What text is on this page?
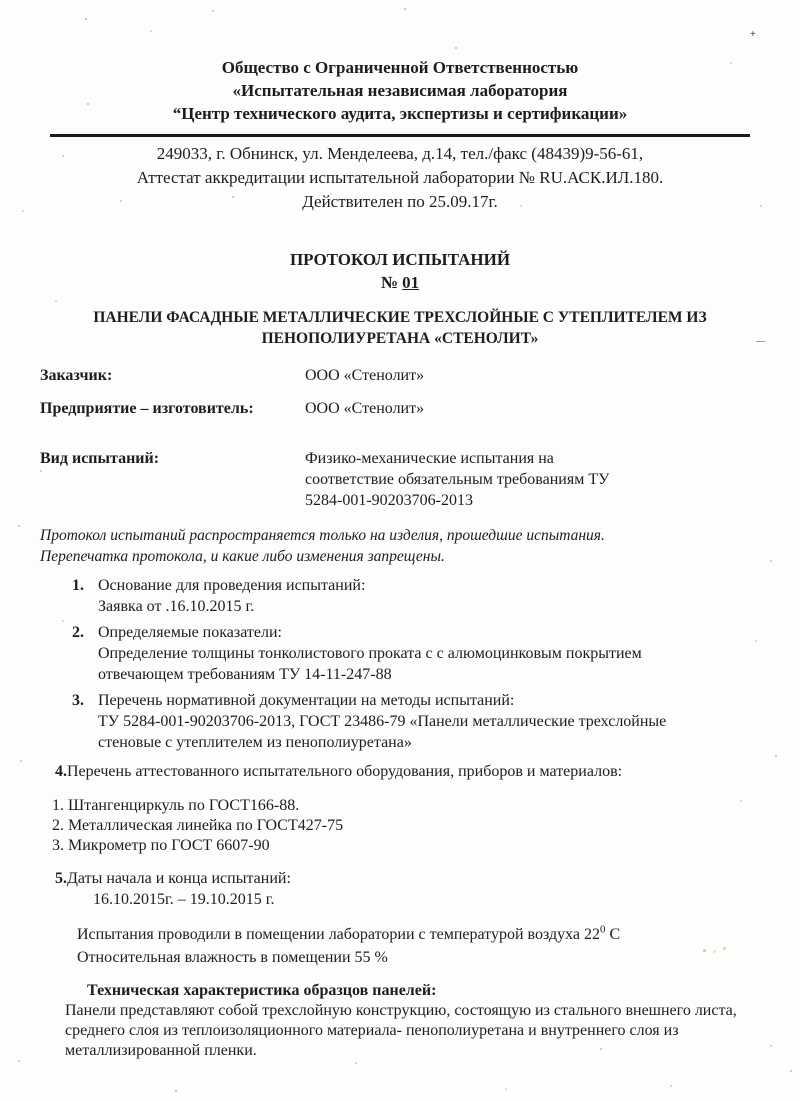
+
—
Общество с Ограниченной Ответственностью
«Испытательная независимая лаборатория
“Центр технического аудита, экспертизы и сертификации»
249033, г. Обнинск, ул. Менделеева, д.14, тел./факс (48439)9-56-61,
Аттестат аккредитации испытательной лаборатории № RU.АСК.ИЛ.180.
Действителен по 25.09.17г.
ПРОТОКОЛ ИСПЫТАНИЙ
№ 01
ПАНЕЛИ ФАСАДНЫЕ МЕТАЛЛИЧЕСКИЕ ТРЕХСЛОЙНЫЕ С УТЕПЛИТЕЛЕМ ИЗ
ПЕНОПОЛИУРЕТАНА «СТЕНОЛИТ»
Заказчик:	ООО «Стенолит»
Предприятие – изготовитель:	ООО «Стенолит»
Вид испытаний:	Физико-механические испытания на соответствие обязательным требованиям ТУ 5284-001-90203706-2013
Протокол испытаний распространяется только на изделия, прошедшие испытания.
Перепечатка протокола, и какие либо изменения запрещены.
1. Основание для проведения испытаний:
Заявка от .16.10.2015 г.
2. Определяемые показатели:
Определение толщины тонколистового проката с с алюмоцинковым покрытием отвечающем требованиям ТУ 14-11-247-88
3. Перечень нормативной документации на методы испытаний:
ТУ 5284-001-90203706-2013, ГОСТ 23486-79 «Панели металлические трехслойные стеновые с утеплителем из пенополиуретана»
4.Перечень аттестованного испытательного оборудования, приборов и материалов:
1. Штангенциркуль по ГОСТ166-88.
2. Металлическая линейка по ГОСТ427-75
3. Микрометр по ГОСТ 6607-90
5.Даты начала и конца испытаний:
16.10.2015г. – 19.10.2015 г.
Испытания проводили в помещении лаборатории с температурой воздуха $22^0$ С
Относительная влажность в помещении 55 %
Техническая характеристика образцов панелей:
Панели представляют собой трехслойную конструкцию, состоящую из стального внешнего листа, среднего слоя из теплоизоляционного материала- пенополиуретана и внутреннего слоя из металлизированной пленки.
